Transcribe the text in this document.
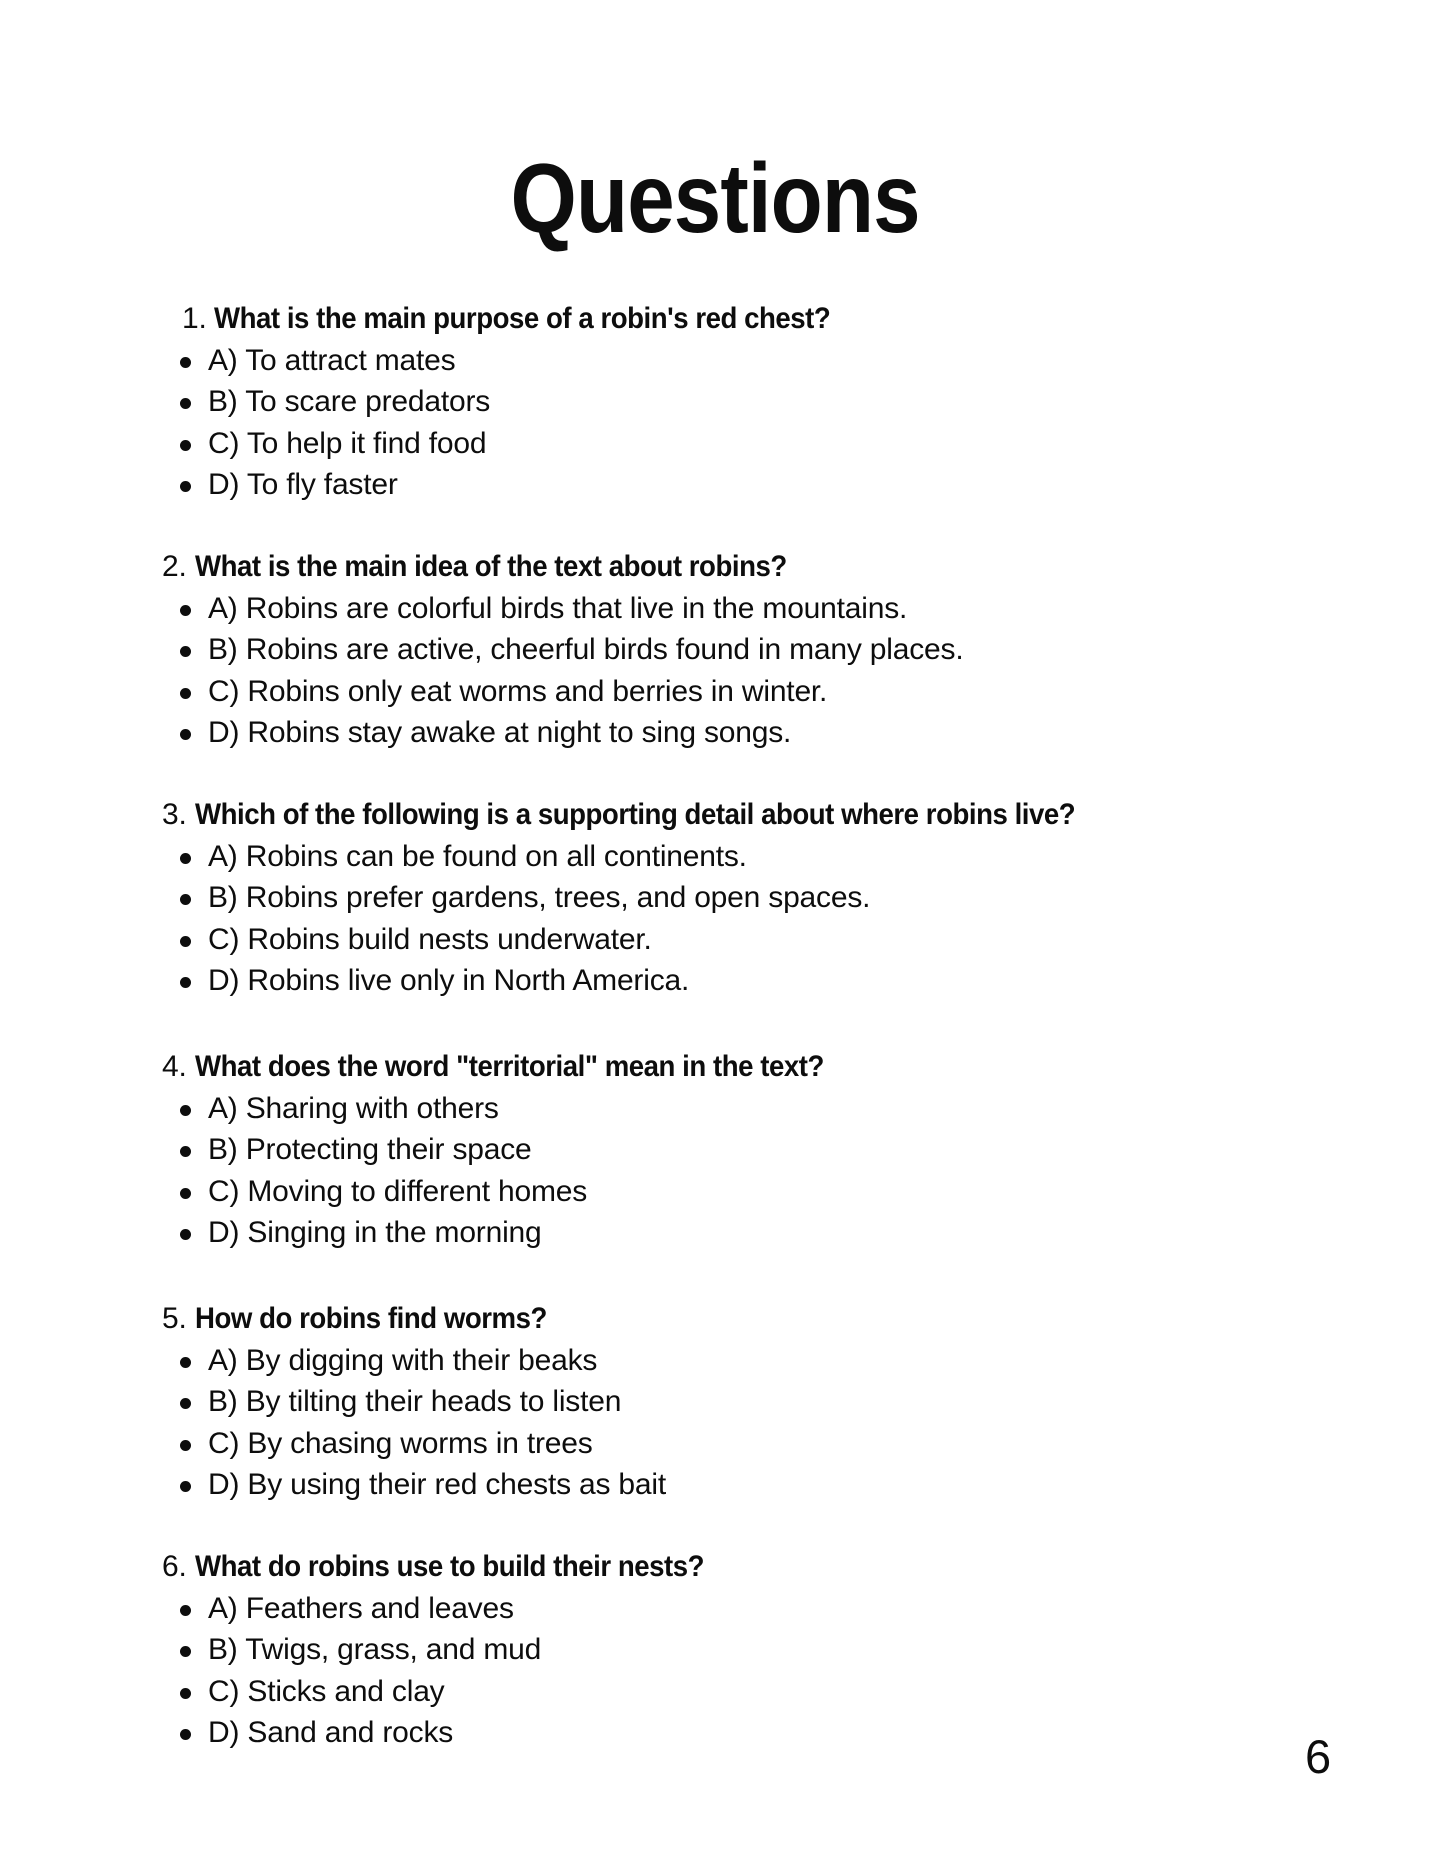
Questions
1. What is the main purpose of a robin's red chest?
A) To attract mates
B) To scare predators
C) To help it find food
D) To fly faster
2. What is the main idea of the text about robins?
A) Robins are colorful birds that live in the mountains.
B) Robins are active, cheerful birds found in many places.
C) Robins only eat worms and berries in winter.
D) Robins stay awake at night to sing songs.
3. Which of the following is a supporting detail about where robins live?
A) Robins can be found on all continents.
B) Robins prefer gardens, trees, and open spaces.
C) Robins build nests underwater.
D) Robins live only in North America.
4. What does the word "territorial" mean in the text?
A) Sharing with others
B) Protecting their space
C) Moving to different homes
D) Singing in the morning
5. How do robins find worms?
A) By digging with their beaks
B) By tilting their heads to listen
C) By chasing worms in trees
D) By using their red chests as bait
6. What do robins use to build their nests?
A) Feathers and leaves
B) Twigs, grass, and mud
C) Sticks and clay
D) Sand and rocks	6
